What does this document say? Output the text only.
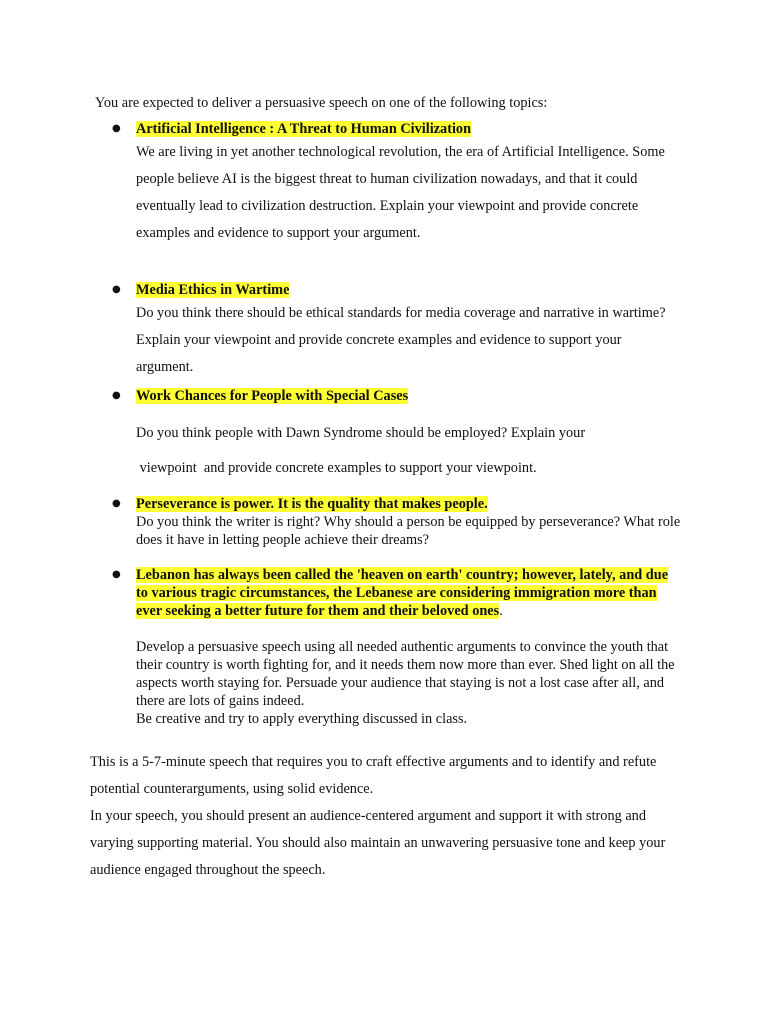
You are expected to deliver a persuasive speech on one of the following topics:

●	Artificial Intelligence : A Threat to Human Civilization

We are living in yet another technological revolution, the era of Artificial Intelligence. Some people believe AI is the biggest threat to human civilization nowadays, and that it could eventually lead to civilization destruction. Explain your viewpoint and provide concrete examples and evidence to support your argument.

●	Media Ethics in Wartime

Do you think there should be ethical standards for media coverage and narrative in wartime? Explain your viewpoint and provide concrete examples and evidence to support your argument.

●	Work Chances for People with Special Cases

Do you think people with Dawn Syndrome should be employed? Explain your

viewpoint  and provide concrete examples to support your viewpoint.

●	Perseverance is power. It is the quality that makes people.

Do you think the writer is right? Why should a person be equipped by perseverance? What role does it have in letting people achieve their dreams?

●	Lebanon has always been called the 'heaven on earth' country; however, lately, and due to various tragic circumstances, the Lebanese are considering immigration more than ever seeking a better future for them and their beloved ones.

Develop a persuasive speech using all needed authentic arguments to convince the youth that their country is worth fighting for, and it needs them now more than ever. Shed light on all the aspects worth staying for. Persuade your audience that staying is not a lost case after all, and there are lots of gains indeed.

Be creative and try to apply everything discussed in class.

This is a 5-7-minute speech that requires you to craft effective arguments and to identify and refute potential counterarguments, using solid evidence.

In your speech, you should present an audience-centered argument and support it with strong and varying supporting material. You should also maintain an unwavering persuasive tone and keep your audience engaged throughout the speech.
